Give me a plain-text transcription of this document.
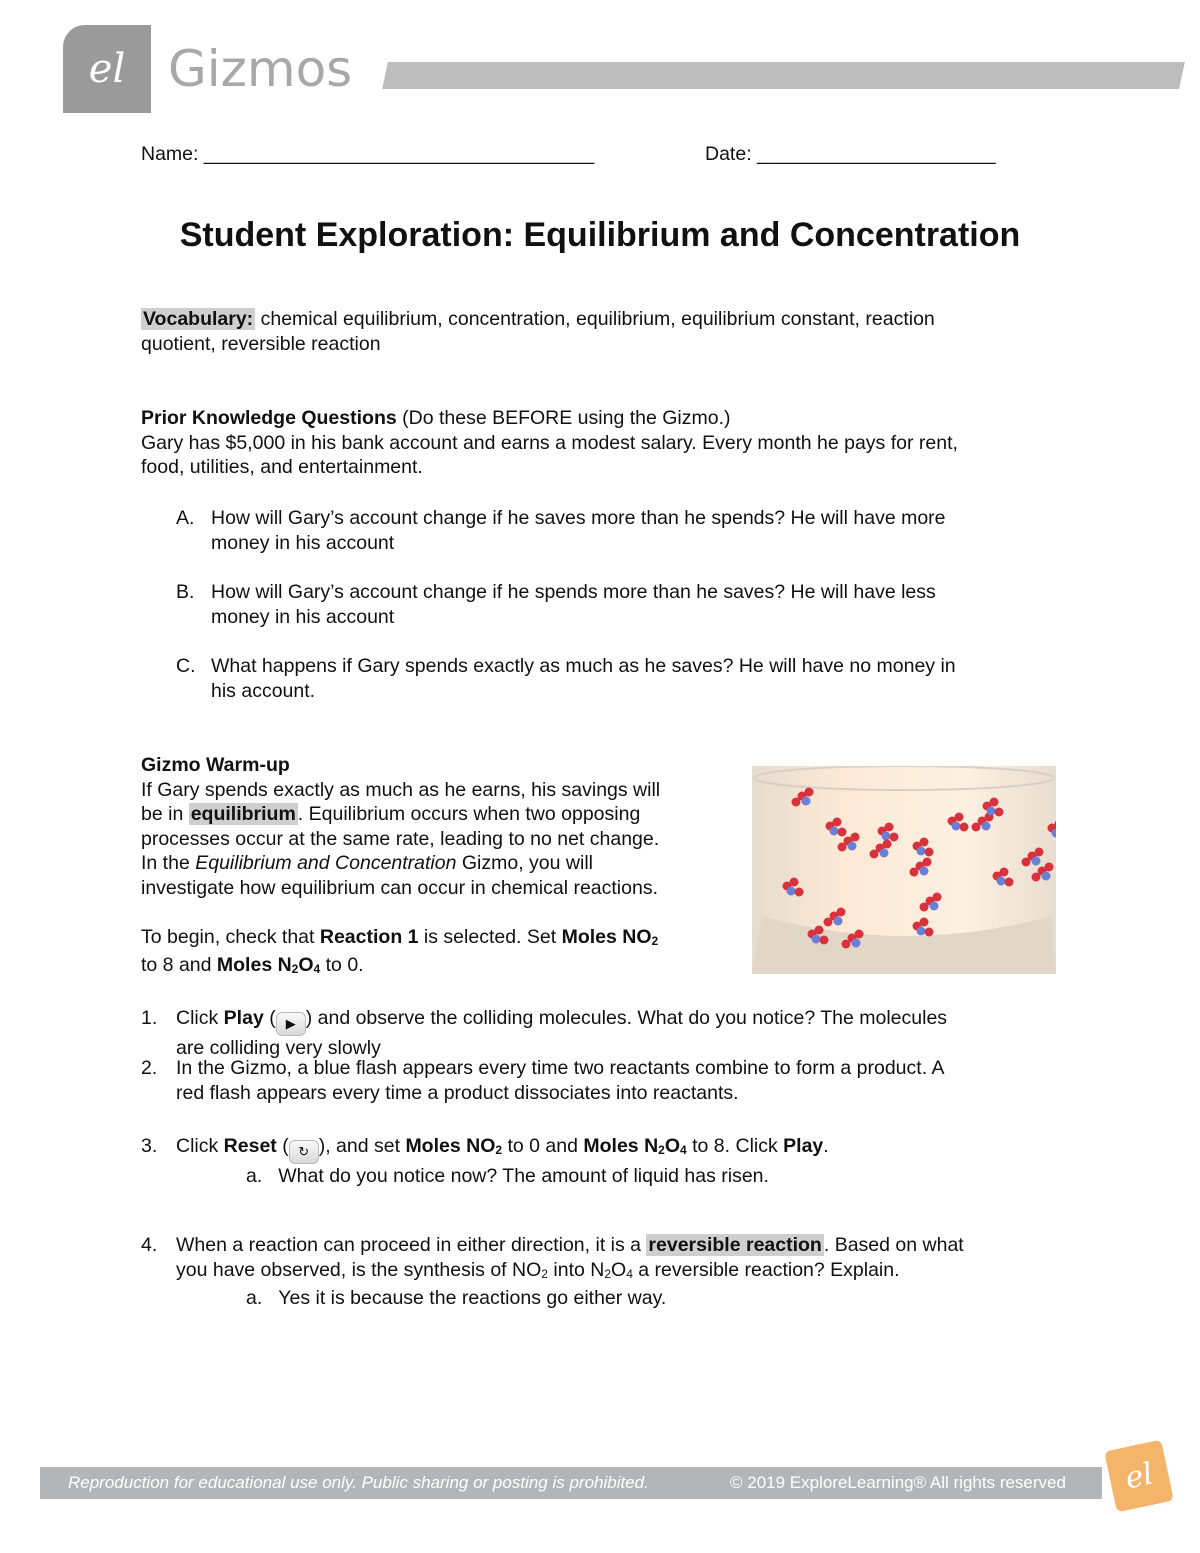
el Gizmos
Name: ____________________________________	Date: ______________________
Student Exploration: Equilibrium and Concentration
Vocabulary: chemical equilibrium, concentration, equilibrium, equilibrium constant, reaction
quotient, reversible reaction
Prior Knowledge Questions (Do these BEFORE using the Gizmo.)
Gary has $5,000 in his bank account and earns a modest salary. Every month he pays for rent,
food, utilities, and entertainment.
A. How will Gary’s account change if he saves more than he spends? He will have more
money in his account
B. How will Gary’s account change if he spends more than he saves? He will have less
money in his account
C. What happens if Gary spends exactly as much as he saves? He will have no money in
his account.
Gizmo Warm-up
If Gary spends exactly as much as he earns, his savings will
be in equilibrium . Equilibrium occurs when two opposing
processes occur at the same rate, leading to no net change.
In the Equilibrium and Concentration Gizmo, you will
investigate how equilibrium can occur in chemical reactions.

To begin, check that Reaction 1 is selected. Set Moles $NO_2$
to 8 and Moles $N_2O_4$ to 0.
1. Click Play ( ▶ ) and observe the colliding molecules. What do you notice? The molecules
are colliding very slowly
2. In the Gizmo, a blue flash appears every time two reactants combine to form a product. A
red flash appears every time a product dissociates into reactants.
3. Click Reset ( ↻ ), and set Moles $NO_2$ to 0 and Moles $N_2O_4$ to 8. Click Play.
a. What do you notice now? The amount of liquid has risen.
4. When a reaction can proceed in either direction, it is a reversible reaction . Based on what
you have observed, is the synthesis of $NO_2$ into $N_2O_4$ a reversible reaction? Explain.
a. Yes it is because the reactions go either way.
Reproduction for educational use only. Public sharing or posting is prohibited.	© 2019 ExploreLearning® All rights reserved el
